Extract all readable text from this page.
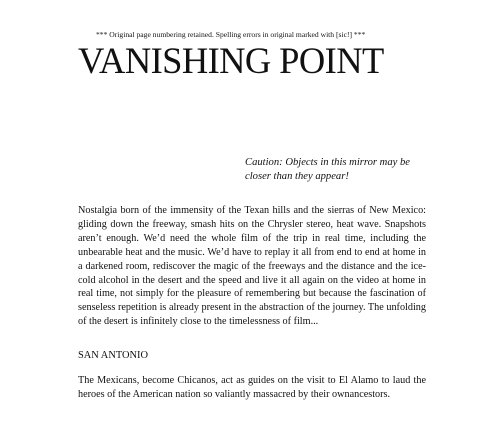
*** Original page numbering retained. Spelling errors in original marked with [sic!] ***
VANISHING POINT
Caution: Objects in this mirror may be
closer than they appear!

Nostalgia born of the immensity of the Texan hills and the sierras of New Mexico: gliding down the freeway, smash hits on the Chrysler stereo, heat wave. Snapshots aren’t enough. We’d need the whole film of the trip in real time, including the unbearable heat and the music. We’d have to replay it all from end to end at home in a darkened room, rediscover the magic of the freeways and the distance and the ice-cold alcohol in the desert and the speed and live it all again on the video at home in real time, not simply for the pleasure of remembering but because the fascination of senseless repetition is already present in the abstraction of the journey. The unfolding of the desert is infinitely close to the timelessness of film...

SAN ANTONIO

The Mexicans, become Chicanos, act as guides on the visit to El Alamo to laud the heroes of the American nation so valiantly massacred by their ownancestors.
